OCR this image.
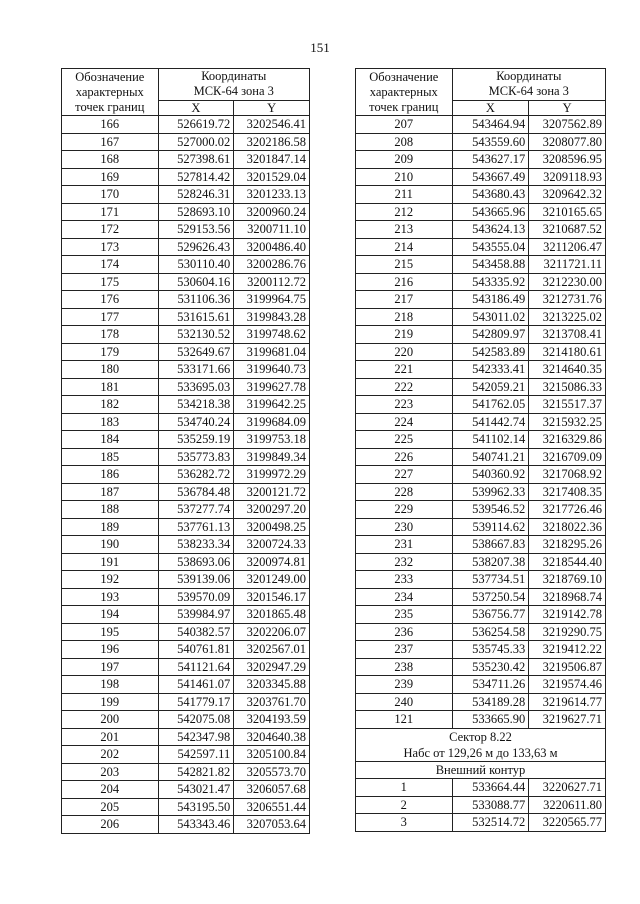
151
Обозначение
характерных
точек границ	Координаты
МСК-64 зона 3	
	X	Y
166	526619.72	3202546.41
167	527000.02	3202186.58
168	527398.61	3201847.14
169	527814.42	3201529.04
170	528246.31	3201233.13
171	528693.10	3200960.24
172	529153.56	3200711.10
173	529626.43	3200486.40
174	530110.40	3200286.76
175	530604.16	3200112.72
176	531106.36	3199964.75
177	531615.61	3199843.28
178	532130.52	3199748.62
179	532649.67	3199681.04
180	533171.66	3199640.73
181	533695.03	3199627.78
182	534218.38	3199642.25
183	534740.24	3199684.09
184	535259.19	3199753.18
185	535773.83	3199849.34
186	536282.72	3199972.29
187	536784.48	3200121.72
188	537277.74	3200297.20
189	537761.13	3200498.25
190	538233.34	3200724.33
191	538693.06	3200974.81
192	539139.06	3201249.00
193	539570.09	3201546.17
194	539984.97	3201865.48
195	540382.57	3202206.07
196	540761.81	3202567.01
197	541121.64	3202947.29
198	541461.07	3203345.88
199	541779.17	3203761.70
200	542075.08	3204193.59
201	542347.98	3204640.38
202	542597.11	3205100.84
203	542821.82	3205573.70
204	543021.47	3206057.68
205	543195.50	3206551.44
206	543343.46	3207053.64
Обозначение
характерных
точек границ	Координаты
МСК-64 зона 3	
	X	Y
207	543464.94	3207562.89
208	543559.60	3208077.80
209	543627.17	3208596.95
210	543667.49	3209118.93
211	543680.43	3209642.32
212	543665.96	3210165.65
213	543624.13	3210687.52
214	543555.04	3211206.47
215	543458.88	3211721.11
216	543335.92	3212230.00
217	543186.49	3212731.76
218	543011.02	3213225.02
219	542809.97	3213708.41
220	542583.89	3214180.61
221	542333.41	3214640.35
222	542059.21	3215086.33
223	541762.05	3215517.37
224	541442.74	3215932.25
225	541102.14	3216329.86
226	540741.21	3216709.09
227	540360.92	3217068.92
228	539962.33	3217408.35
229	539546.52	3217726.46
230	539114.62	3218022.36
231	538667.83	3218295.26
232	538207.38	3218544.40
233	537734.51	3218769.10
234	537250.54	3218968.74
235	536756.77	3219142.78
236	536254.58	3219290.75
237	535745.33	3219412.22
238	535230.42	3219506.87
239	534711.26	3219574.46
240	534189.28	3219614.77
121	533665.90	3219627.71
Сектор 8.22
Набс от 129,26 м до 133,63 м		
Внешний контур		
1	533664.44	3220627.71
2	533088.77	3220611.80
3	532514.72	3220565.77
